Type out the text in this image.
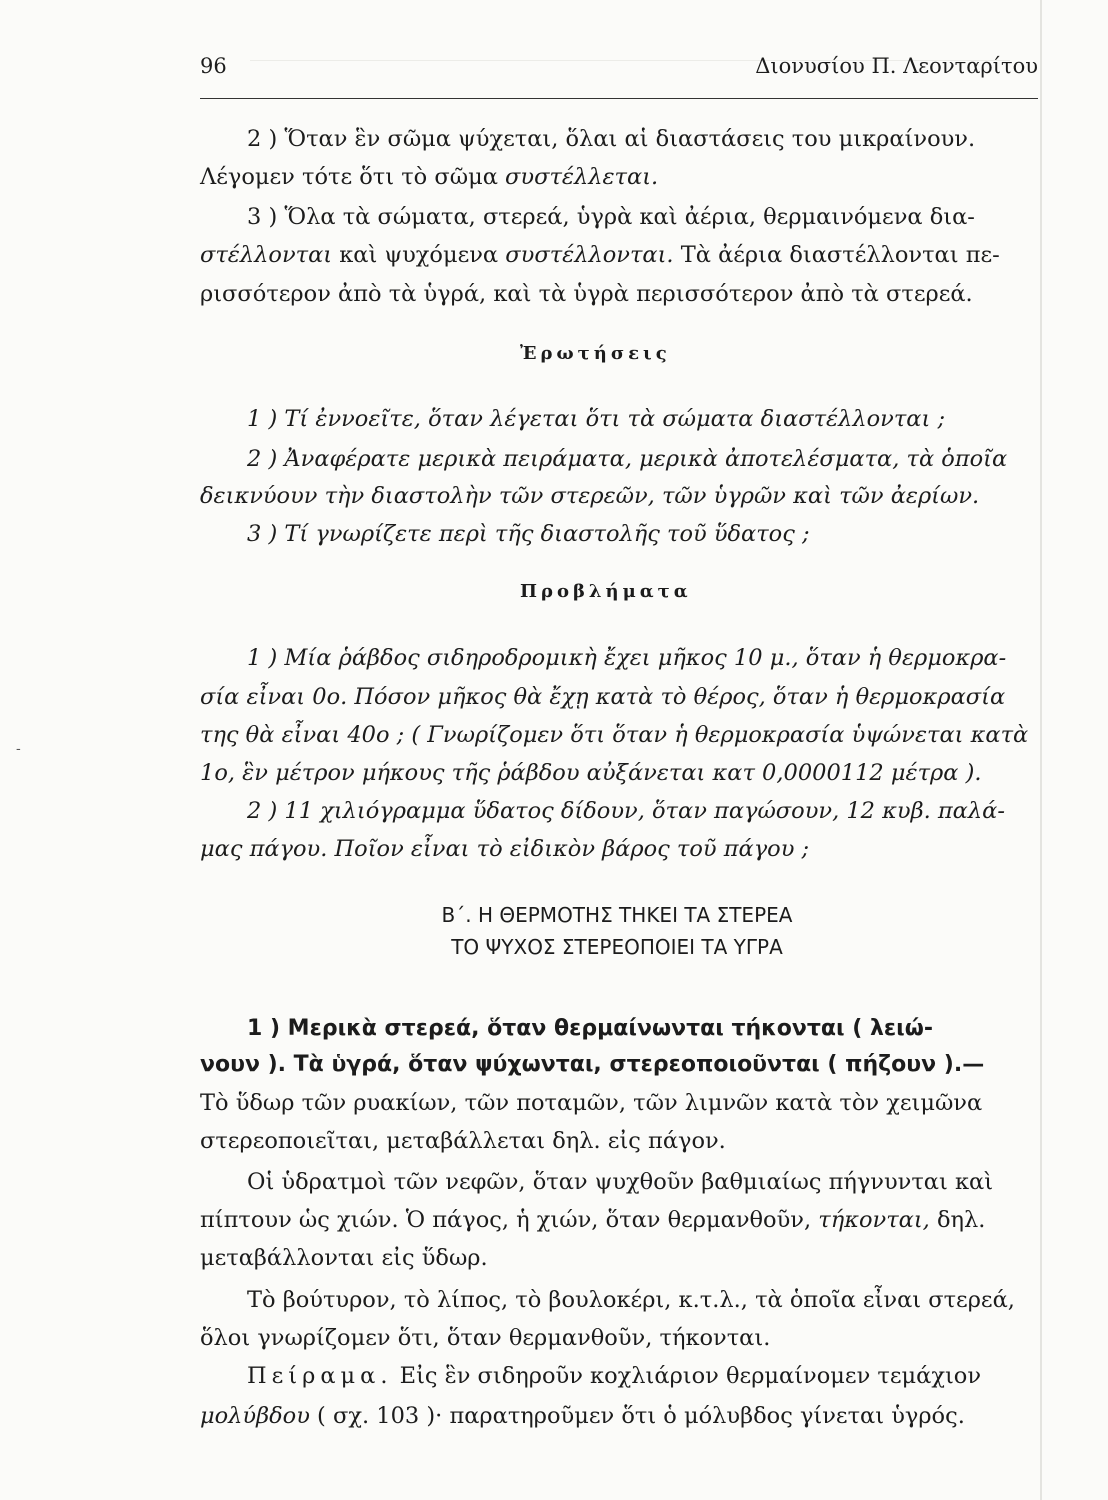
96	Διονυσίου Π. Λεονταρίτου
2 ) Ὅταν ἓν σῶμα ψύχεται, ὅλαι αἱ διαστάσεις του μικραίνουν.
Λέγομεν τότε ὅτι τὸ σῶμα συστέλλεται.
3 ) Ὅλα τὰ σώματα, στερεά, ὑγρὰ καὶ ἀέρια, θερμαινόμενα δια-
στέλλονται καὶ ψυχόμενα συστέλλονται. Τὰ ἀέρια διαστέλλονται πε-
ρισσότερον ἀπὸ τὰ ὑγρά, καὶ τὰ ὑγρὰ περισσότερον ἀπὸ τὰ στερεά.
Ἐρωτήσεις
1 ) Τί ἐννοεῖτε, ὅταν λέγεται ὅτι τὰ σώματα διαστέλλονται ;
2 ) Ἀναφέρατε μερικὰ πειράματα, μερικὰ ἀποτελέσματα, τὰ ὁποῖα
δεικνύουν τὴν διαστολὴν τῶν στερεῶν, τῶν ὑγρῶν καὶ τῶν ἀερίων.
3 ) Τί γνωρίζετε περὶ τῆς διαστολῆς τοῦ ὕδατος ;
Προβλήματα
1 ) Μία ῥάβδος σιδηροδρομικὴ ἔχει μῆκος 10 μ., ὅταν ἡ θερμοκρα-
σία εἶναι 0ο. Πόσον μῆκος θὰ ἔχῃ κατὰ τὸ θέρος, ὅταν ἡ θερμοκρασία
της θὰ εἶναι 40ο ; ( Γνωρίζομεν ὅτι ὅταν ἡ θερμοκρασία ὑψώνεται κατὰ
1ο, ἓν μέτρον μήκους τῆς ῥάβδου αὐξάνεται κατ 0,0000112 μέτρα ).
2 ) 11 χιλιόγραμμα ὕδατος δίδουν, ὅταν παγώσουν, 12 κυβ. παλά-
μας πάγου. Ποῖον εἶναι τὸ εἰδικὸν βάρος τοῦ πάγου ;
Β΄. Η ΘΕΡΜΟΤΗΣ ΤΗΚΕΙ ΤΑ ΣΤΕΡΕΑ
ΤΟ ΨΥΧΟΣ ΣΤΕΡΕΟΠΟΙΕΙ ΤΑ ΥΓΡΑ
1 ) Μερικὰ στερεά, ὅταν θερμαίνωνται τήκονται ( λειώ-
νουν ). Τὰ ὑγρά, ὅταν ψύχωνται, στερεοποιοῦνται ( πήζουν ).—
Τὸ ὕδωρ τῶν ρυακίων, τῶν ποταμῶν, τῶν λιμνῶν κατὰ τὸν χειμῶνα
στερεοποιεῖται, μεταβάλλεται δηλ. εἰς πάγον.
Οἱ ὑδρατμοὶ τῶν νεφῶν, ὅταν ψυχθοῦν βαθμιαίως πήγνυνται καὶ
πίπτουν ὡς χιών. Ὁ πάγος, ἡ χιών, ὅταν θερμανθοῦν, τήκονται, δηλ.
μεταβάλλονται εἰς ὕδωρ.
Τὸ βούτυρον, τὸ λίπος, τὸ βουλοκέρι, κ.τ.λ., τὰ ὁποῖα εἶναι στερεά,
ὅλοι γνωρίζομεν ὅτι, ὅταν θερμανθοῦν, τήκονται.
Πείραμα. Εἰς ἓν σιδηροῦν κοχλιάριον θερμαίνομεν τεμάχιον
μολύβδου ( σχ. 103 )· παρατηροῦμεν ὅτι ὁ μόλυβδος γίνεται ὑγρός.
-
